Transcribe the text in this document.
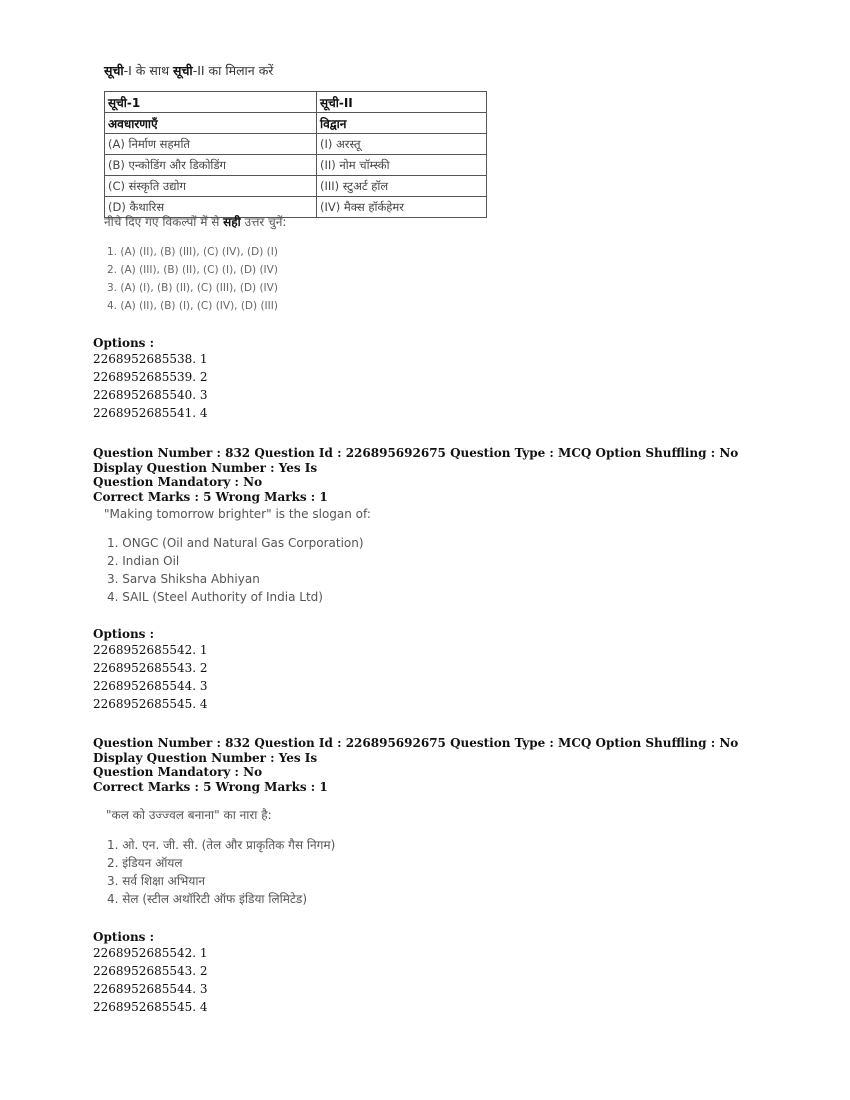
सूची-I के साथ सूची-II का मिलान करें
सूची-1	सूची-II
अवधारणाएँ	विद्वान
(A) निर्माण सहमति	(I) अरस्तू
(B) एन्कोडिंग और डिकोडिंग	(II) नोम चॉम्स्की
(C) संस्कृति उद्योग	(III) स्टुअर्ट हॉल
(D) कैथारिस	(IV) मैक्स हॉर्कहेमर
नीचे दिए गए विकल्पों में से सही उत्तर चुनें:
1. (A) (II), (B) (III), (C) (IV), (D) (I)
2. (A) (III), (B) (II), (C) (I), (D) (IV)
3. (A) (I), (B) (II), (C) (III), (D) (IV)
4. (A) (II), (B) (I), (C) (IV), (D) (III)
Options :
2268952685538. 1
2268952685539. 2
2268952685540. 3
2268952685541. 4
Question Number : 832 Question Id : 226895692675 Question Type : MCQ Option Shuffling : No Display Question Number : Yes Is
Question Mandatory : No
Correct Marks : 5 Wrong Marks : 1
"Making tomorrow brighter" is the slogan of:
1. ONGC (Oil and Natural Gas Corporation)
2. Indian Oil
3. Sarva Shiksha Abhiyan
4. SAIL (Steel Authority of India Ltd)
Options :
2268952685542. 1
2268952685543. 2
2268952685544. 3
2268952685545. 4
Question Number : 832 Question Id : 226895692675 Question Type : MCQ Option Shuffling : No Display Question Number : Yes Is
Question Mandatory : No
Correct Marks : 5 Wrong Marks : 1
"कल को उज्ज्वल बनाना" का नारा है:
1. ओ. एन. जी. सी. (तेल और प्राकृतिक गैस निगम)
2. इंडियन ऑयल
3. सर्व शिक्षा अभियान
4. सेल (स्टील अथॉरिटी ऑफ इंडिया लिमिटेड)
Options :
2268952685542. 1
2268952685543. 2
2268952685544. 3
2268952685545. 4
